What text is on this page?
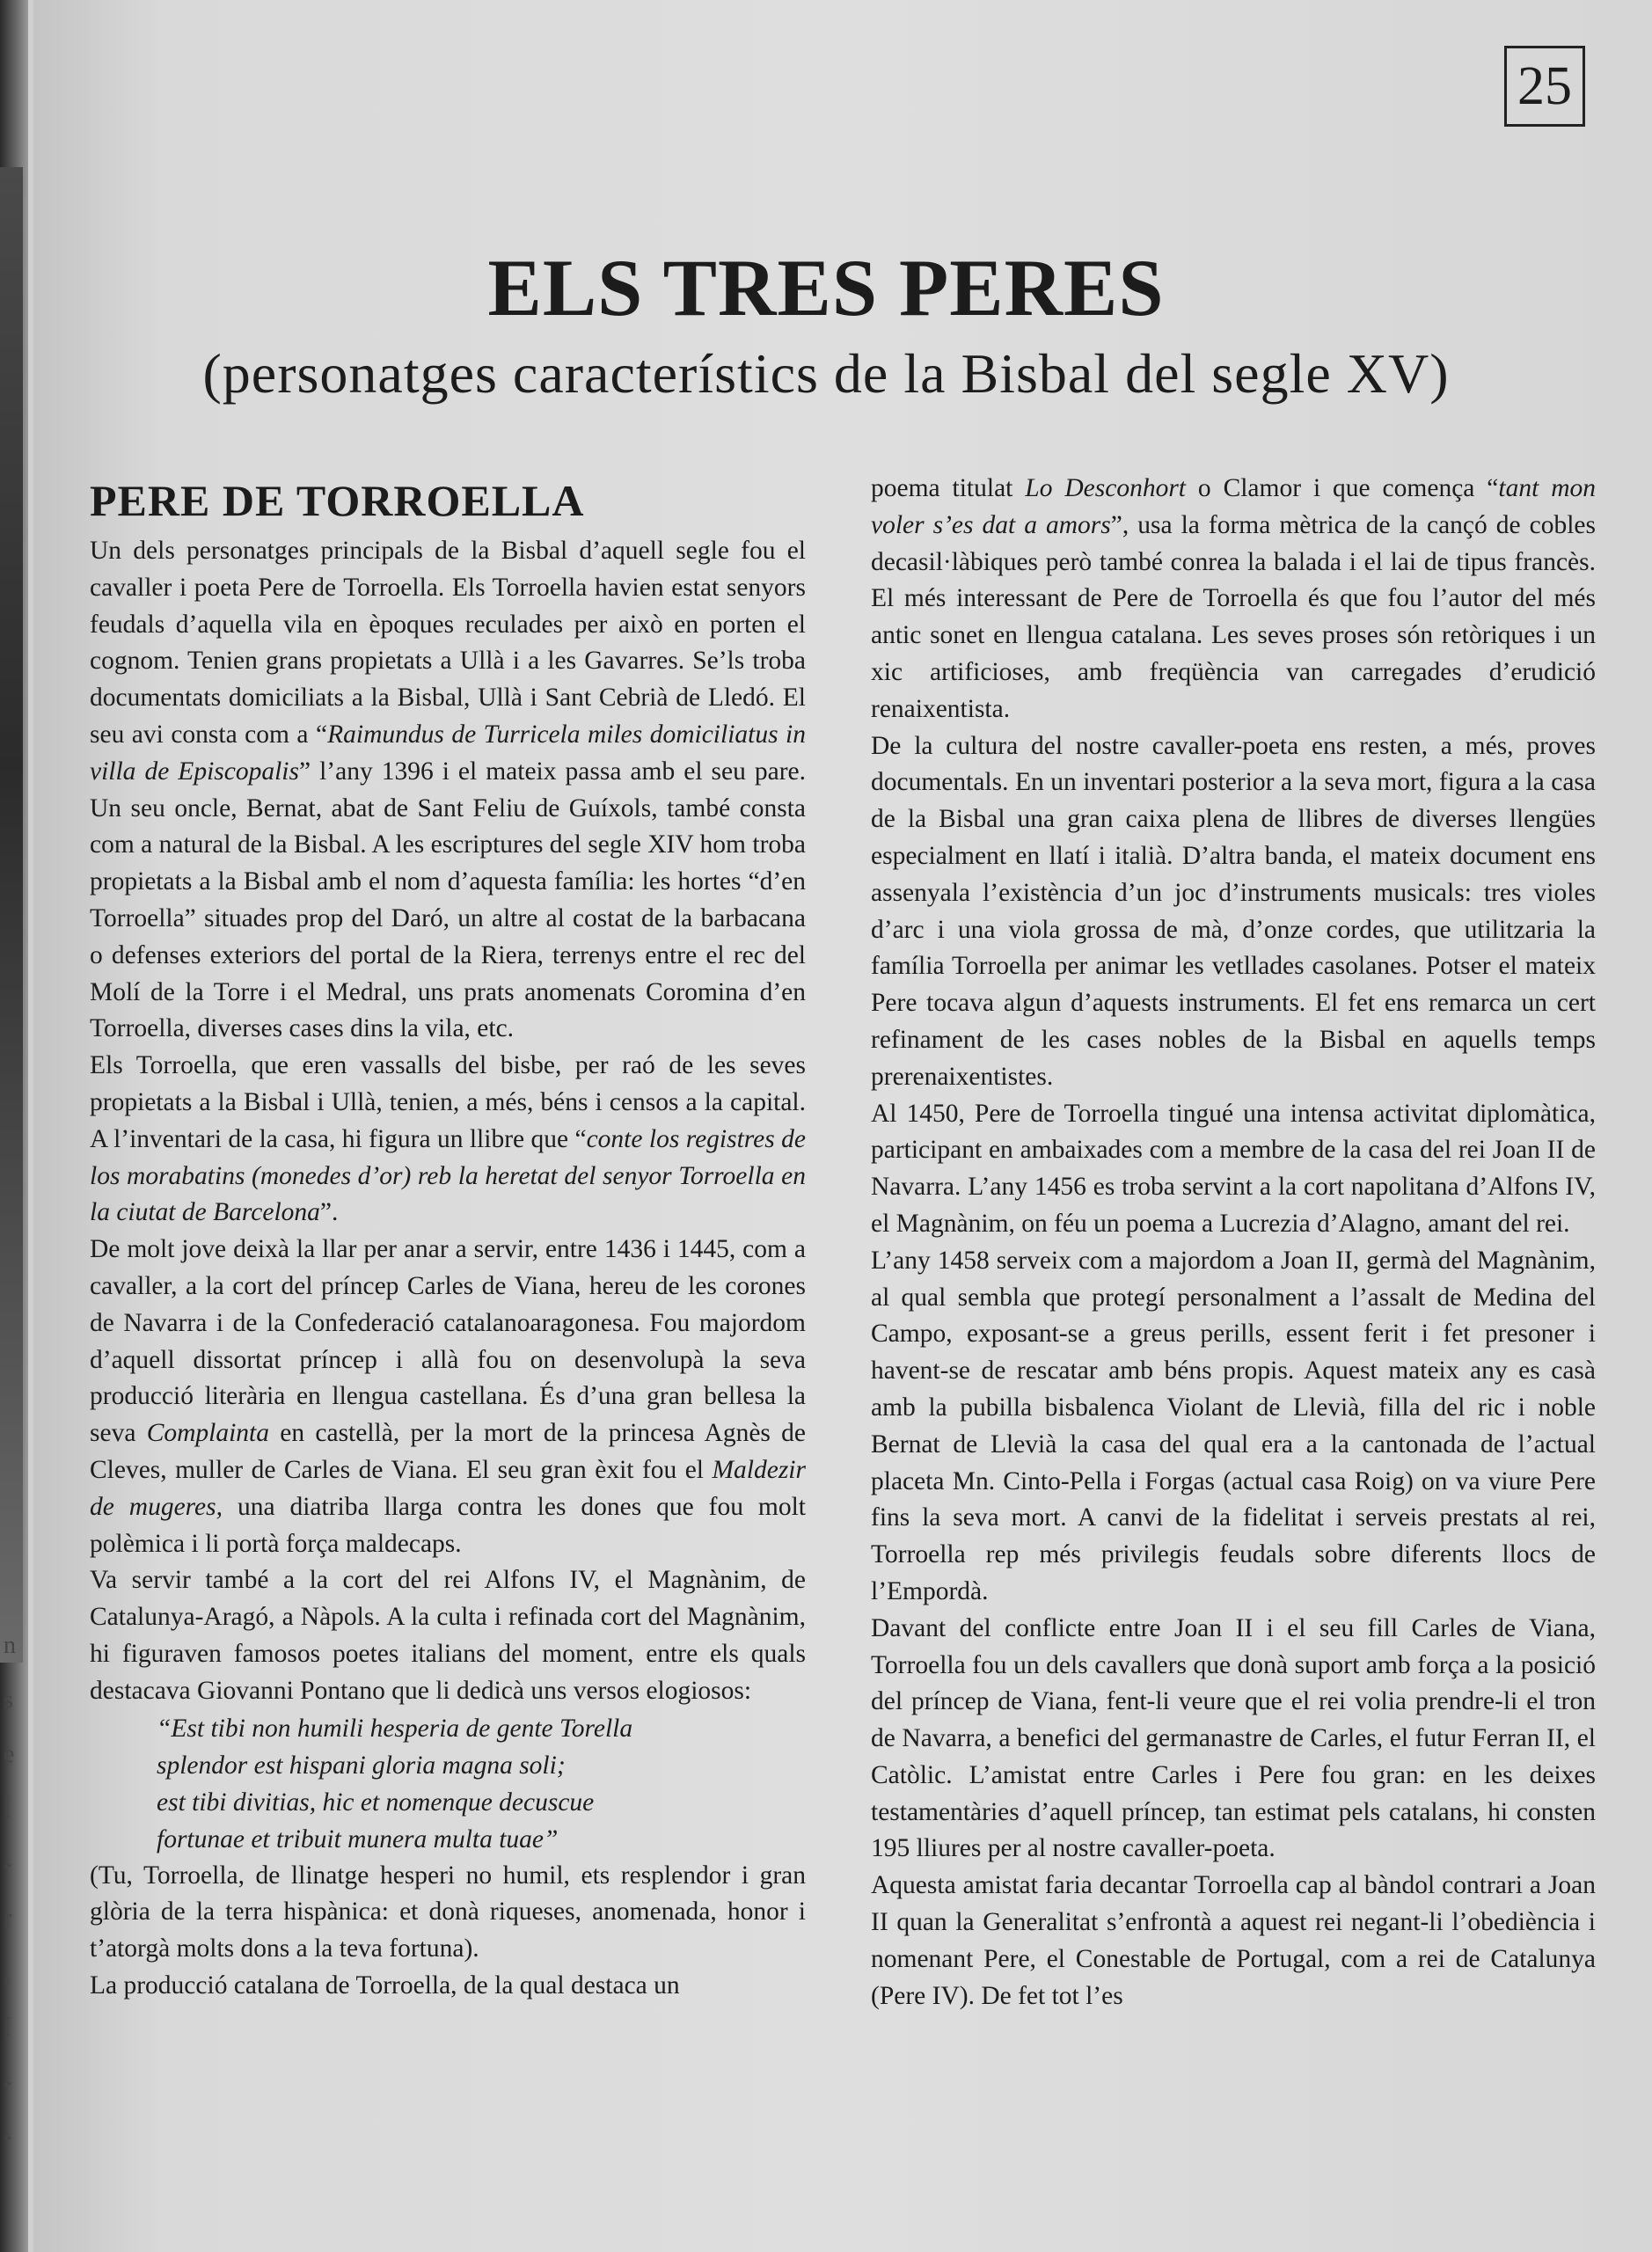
n
s
e
l
-
r
,
í
-
-
25
ELS TRES PERES
(personatges característics de la Bisbal del segle XV)
PERE DE TORROELLA

Un dels personatges principals de la Bisbal d’aquell segle fou el cavaller i poeta Pere de Torroella. Els Torroella havien estat senyors feudals d’aquella vila en èpoques reculades per això en porten el cognom. Tenien grans propietats a Ullà i a les Gavarres. Se’ls troba documentats domiciliats a la Bisbal, Ullà i Sant Cebrià de Lledó. El seu avi consta com a “Raimundus de Turricela miles domiciliatus in villa de Episcopalis” l’any 1396 i el mateix passa amb el seu pare. Un seu oncle, Bernat, abat de Sant Feliu de Guíxols, també consta com a natural de la Bisbal. A les escriptures del segle XIV hom troba propietats a la Bisbal amb el nom d’aquesta família: les hortes “d’en Torroella” situades prop del Daró, un altre al costat de la barbacana o defenses exteriors del portal de la Riera, terrenys entre el rec del Molí de la Torre i el Medral, uns prats anomenats Coromina d’en Torroella, diverses cases dins la vila, etc.

Els Torroella, que eren vassalls del bisbe, per raó de les seves propietats a la Bisbal i Ullà, tenien, a més, béns i censos a la capital. A l’inventari de la casa, hi figura un llibre que “conte los registres de los morabatins (monedes d’or) reb la heretat del senyor Torroella en la ciutat de Barcelona”.

De molt jove deixà la llar per anar a servir, entre 1436 i 1445, com a cavaller, a la cort del príncep Carles de Viana, hereu de les corones de Navarra i de la Confederació catalanoaragonesa. Fou majordom d’aquell dissortat príncep i allà fou on desenvolupà la seva producció literària en llengua castellana. És d’una gran bellesa la seva Complainta en castellà, per la mort de la princesa Agnès de Cleves, muller de Carles de Viana. El seu gran èxit fou el Maldezir de mugeres, una diatriba llarga contra les dones que fou molt polèmica i li portà força maldecaps.

Va servir també a la cort del rei Alfons IV, el Magnànim, de Catalunya-Aragó, a Nàpols. A la culta i refinada cort del Magnànim, hi figuraven famosos poetes italians del moment, entre els quals destacava Giovanni Pontano que li dedicà uns versos elogiosos:

“Est tibi non humili hesperia de gente Torella
splendor est hispani gloria magna soli;
est tibi divitias, hic et nomenque decuscue
fortunae et tribuit munera multa tuae”

(Tu, Torroella, de llinatge hesperi no humil, ets resplendor i gran glòria de la terra hispànica: et donà riqueses, anomenada, honor i t’atorgà molts dons a la teva fortuna).

La producció catalana de Torroella, de la qual destaca un

poema titulat Lo Desconhort o Clamor i que comença “tant mon voler s’es dat a amors”, usa la forma mètrica de la cançó de cobles decasil·làbiques però també conrea la balada i el lai de tipus francès. El més interessant de Pere de Torroella és que fou l’autor del més antic sonet en llengua catalana. Les seves proses són retòriques i un xic artificioses, amb freqüència van carregades d’erudició renaixentista.

De la cultura del nostre cavaller-poeta ens resten, a més, proves documentals. En un inventari posterior a la seva mort, figura a la casa de la Bisbal una gran caixa plena de llibres de diverses llengües especialment en llatí i italià. D’altra banda, el mateix document ens assenyala l’existència d’un joc d’instruments musicals: tres violes d’arc i una viola grossa de mà, d’onze cordes, que utilitzaria la família Torroella per animar les vetllades casolanes. Potser el mateix Pere tocava algun d’aquests instruments. El fet ens remarca un cert refinament de les cases nobles de la Bisbal en aquells temps prerenaixentistes.

Al 1450, Pere de Torroella tingué una intensa activitat diplomàtica, participant en ambaixades com a membre de la casa del rei Joan II de Navarra. L’any 1456 es troba servint a la cort napolitana d’Alfons IV, el Magnànim, on féu un poema a Lucrezia d’Alagno, amant del rei.

L’any 1458 serveix com a majordom a Joan II, germà del Magnànim, al qual sembla que protegí personalment a l’assalt de Medina del Campo, exposant-se a greus perills, essent ferit i fet presoner i havent-se de rescatar amb béns propis. Aquest mateix any es casà amb la pubilla bisbalenca Violant de Llevià, filla del ric i noble Bernat de Llevià la casa del qual era a la cantonada de l’actual placeta Mn. Cinto-Pella i Forgas (actual casa Roig) on va viure Pere fins la seva mort. A canvi de la fidelitat i serveis prestats al rei, Torroella rep més privilegis feudals sobre diferents llocs de l’Empordà.

Davant del conflicte entre Joan II i el seu fill Carles de Viana, Torroella fou un dels cavallers que donà suport amb força a la posició del príncep de Viana, fent-li veure que el rei volia prendre-li el tron de Navarra, a benefici del germanastre de Carles, el futur Ferran II, el Catòlic. L’amistat entre Carles i Pere fou gran: en les deixes testamentàries d’aquell príncep, tan estimat pels catalans, hi consten 195 lliures per al nostre cavaller-poeta.

Aquesta amistat faria decantar Torroella cap al bàndol contrari a Joan II quan la Generalitat s’enfrontà a aquest rei negant-li l’obediència i nomenant Pere, el Conestable de Portugal, com a rei de Catalunya (Pere IV). De fet tot l’es
